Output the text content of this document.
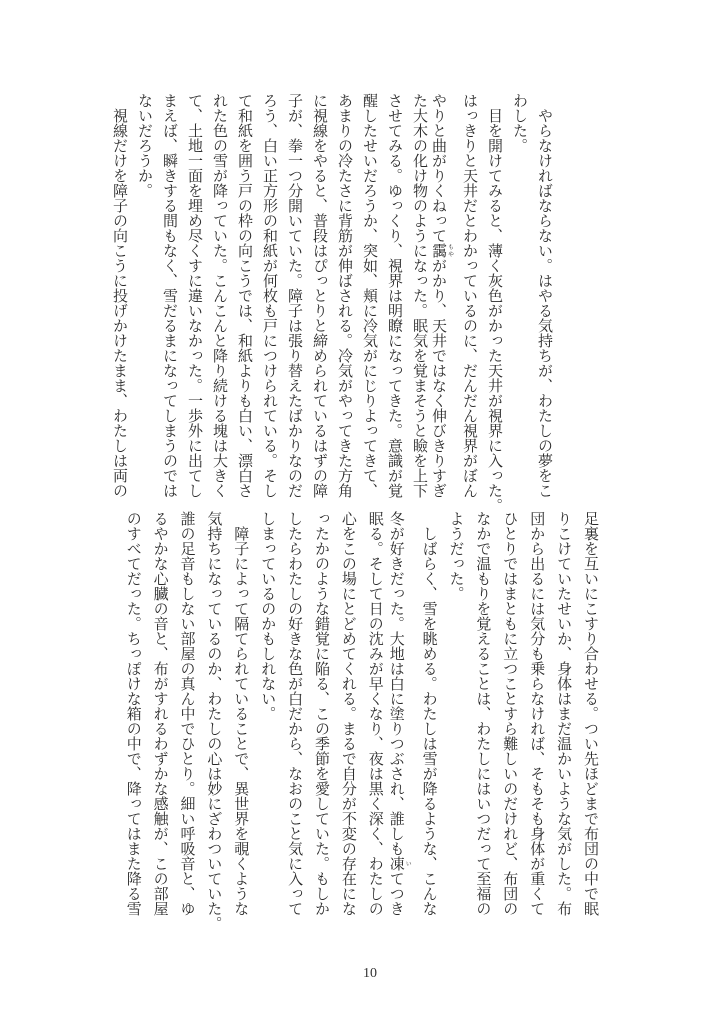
　やらなければならない。はやる気持ちが、わたしの夢をこ
わした。
　目を開けてみると、薄く灰色がかった天井が視界に入った。
はっきりと天井だとわかっているのに、だんだん視界がぼん
やりと曲がりくねって靄もやがかり、天井ではなく伸びきりすぎ
た大木の化け物のようになった。眠気を覚まそうと瞼を上下
させてみる。ゆっくり、視界は明瞭になってきた。意識が覚
醒したせいだろうか、突如、頬に冷気がにじりよってきて、
あまりの冷たさに背筋が伸ばされる。冷気がやってきた方角
に視線をやると、普段はぴっとりと締められているはずの障
子が、拳一つ分開いていた。障子は張り替えたばかりなのだ
ろう、白い正方形の和紙が何枚も戸につけられている。そし
て和紙を囲う戸の枠の向こうでは、和紙よりも白い、漂白さ
れた色の雪が降っていた。こんこんと降り続ける塊は大きく
て、土地一面を埋め尽くすに違いなかった。一歩外に出てし
まえば、瞬きする間もなく、雪だるまになってしまうのでは
ないだろうか。
　視線だけを障子の向こうに投げかけたまま、わたしは両の
足裏を互いにこすり合わせる。つい先ほどまで布団の中で眠
りこけていたせいか、身体はまだ温かいような気がした。布
団から出るには気分も乗らなければ、そもそも身体が重くて
ひとりではまともに立つことすら難しいのだけれど、布団の
なかで温もりを覚えることは、わたしにはいつだって至福の
ようだった。
　しばらく、雪を眺める。わたしは雪が降るような、こんな
冬が好きだった。大地は白に塗りつぶされ、誰しも凍いてつき
眠る。そして日の沈みが早くなり、夜は黒く深く、わたしの
心をこの場にとどめてくれる。まるで自分が不変の存在にな
ったかのような錯覚に陥る、この季節を愛していた。もしか
したらわたしの好きな色が白だから、なおのこと気に入って
しまっているのかもしれない。
　障子によって隔てられていることで、異世界を覗くような
気持ちになっているのか、わたしの心は妙にざわついていた。
誰の足音もしない部屋の真ん中でひとり。細い呼吸音と、ゆ
るやかな心臓の音と、布がすれるわずかな感触が、この部屋
のすべてだった。ちっぽけな箱の中で、降ってはまた降る雪
10
